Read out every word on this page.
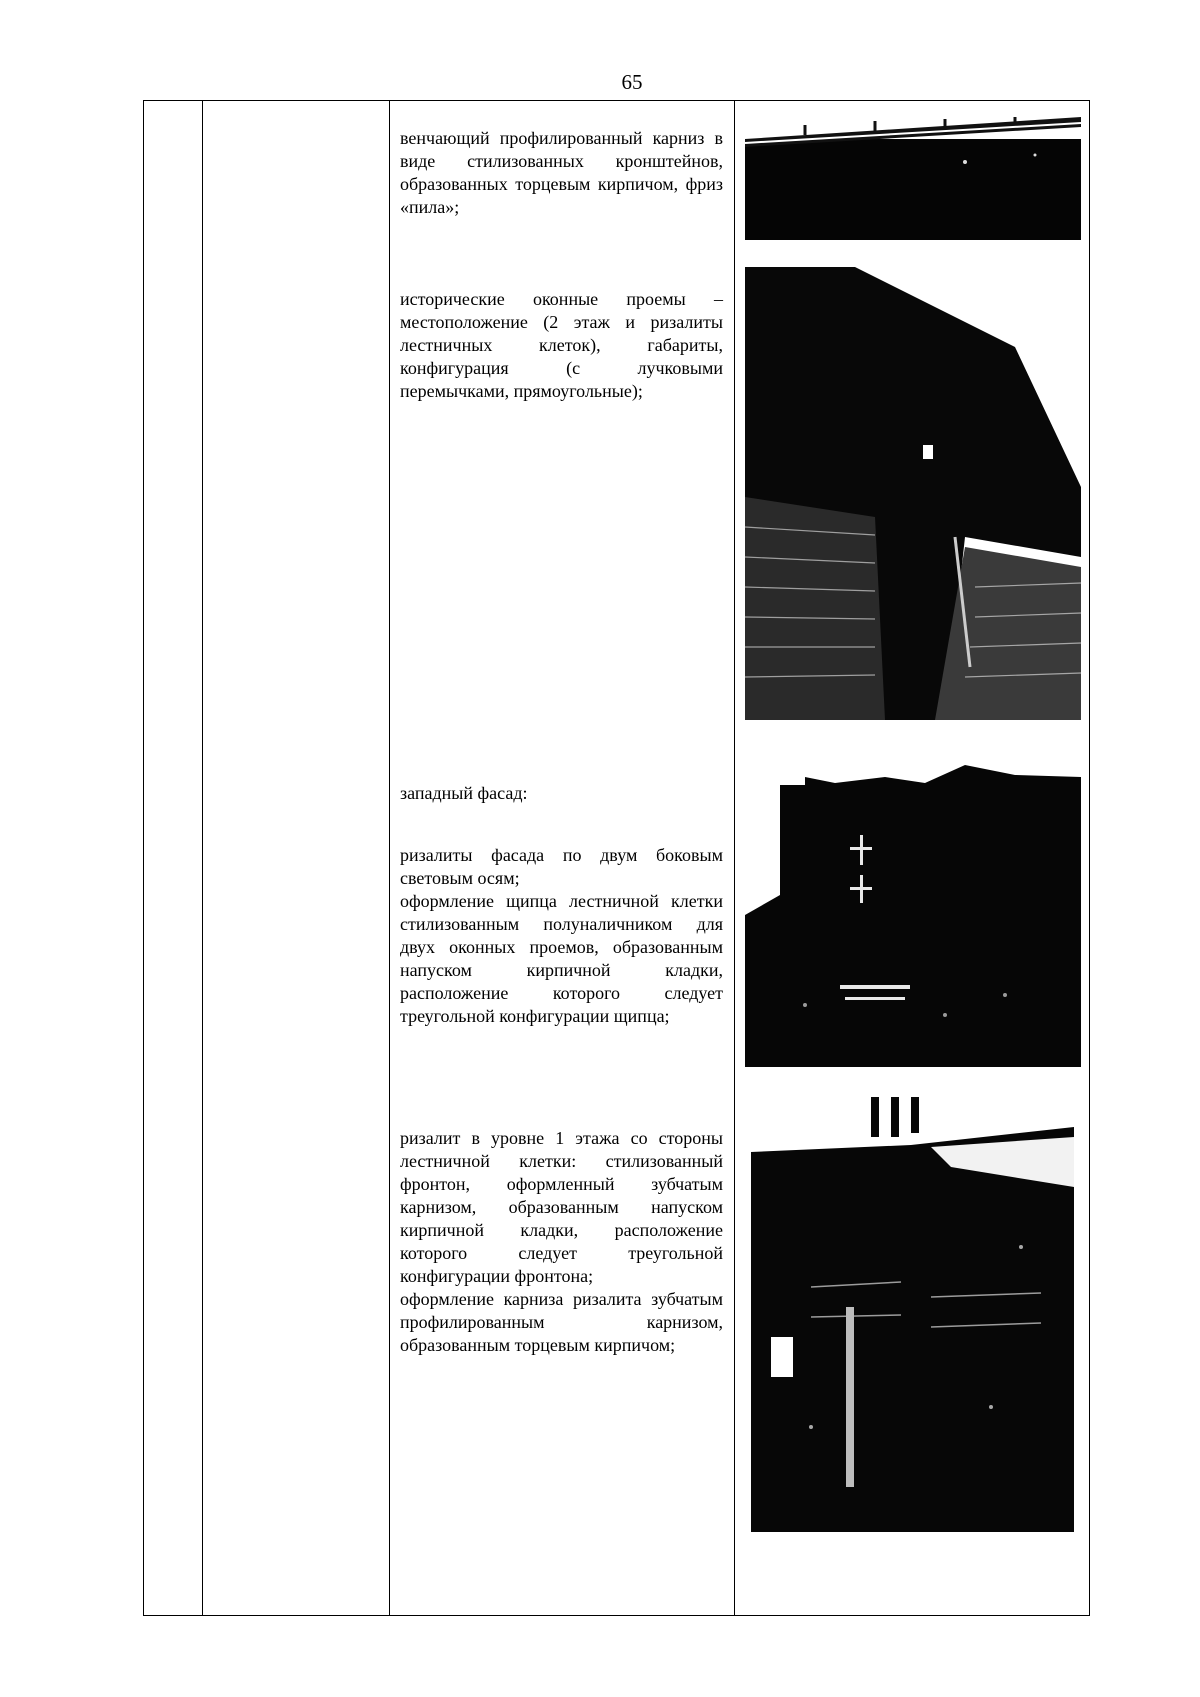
65

венчающий профилированный карниз в виде стилизованных кронштейнов, образованных торцевым кирпичом, фриз «пила»;

исторические оконные проемы – местоположение (2 этаж и ризалиты лестничных клеток), габариты, конфигурация (с лучковыми перемычками, прямоугольные);

западный фасад:

ризалиты фасада по двум боковым световым осям;

оформление щипца лестничной клетки стилизованным полуналичником для двух оконных проемов, образованным напуском кирпичной кладки, расположение которого следует треугольной конфигурации щипца;

ризалит в уровне 1 этажа со стороны лестничной клетки: стилизованный фронтон, оформленный зубчатым карнизом, образованным напуском кирпичной кладки, расположение которого следует треугольной конфигурации фронтона;

оформление карниза ризалита зубчатым профилированным карнизом, образованным торцевым кирпичом;
